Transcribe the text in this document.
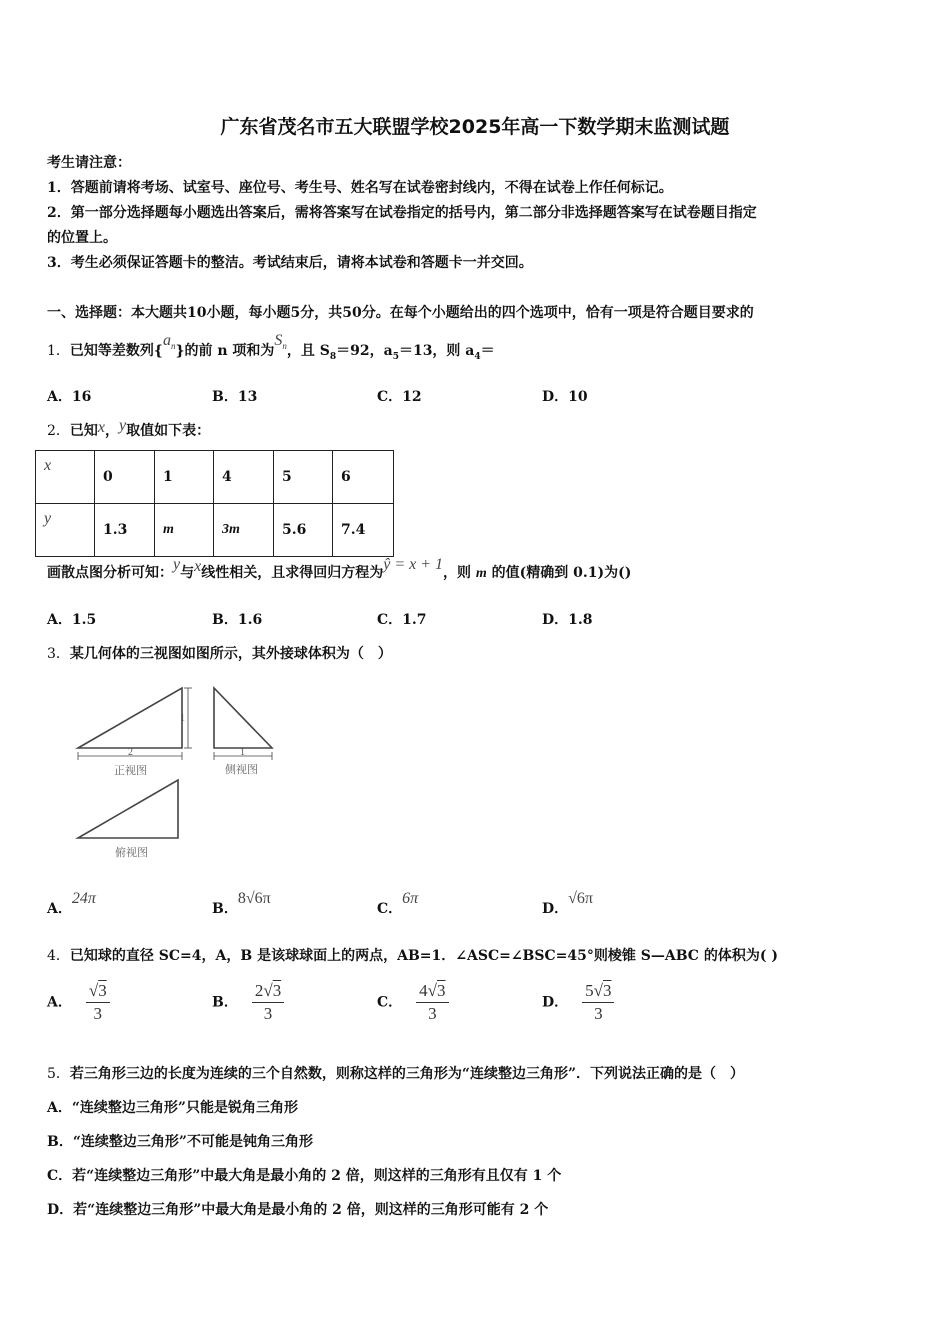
广东省茂名市五大联盟学校2025年高一下数学期末监测试题
考生请注意：
1．答题前请将考场、试室号、座位号、考生号、姓名写在试卷密封线内，不得在试卷上作任何标记。
2．第一部分选择题每小题选出答案后，需将答案写在试卷指定的括号内，第二部分非选择题答案写在试卷题目指定
的位置上。
3．考生必须保证答题卡的整洁。考试结束后，请将本试卷和答题卡一并交回。
一、选择题：本大题共10小题，每小题5分，共50分。在每个小题给出的四个选项中，恰有一项是符合题目要求的
1．已知等差数列$\{a_n\}$的前 n 项和为$S_n$，且 $S_8=92$，$a_5=13$，则 $a_4=$
A．16	B．13	C．12	D．10
2．已知x，y取值如下表：
x	0	1	4	5	6
y	1.3	m	3m	5.6	7.4
画散点图分析可知：y与x线性相关，且求得回归方程为ŷ = x + 1，则 m 的值(精确到 0.1)为()
A．1.5	B．1.6	C．1.7	D．1.8
3．某几何体的三视图如图所示，其外接球体积为（　）
2
1
1
正视图	侧视图
俯视图
A．24π
B．8√6π
C．6π
D．√6π
4．已知球的直径 SC=4，A，B 是该球球面上的两点，AB=1．∠ASC=∠BSC=45°则棱锥 S—ABC 的体积为( )
A． $\frac{√3}{3}$	B． $\frac{2√3}{3}$	C． $\frac{4√3}{3}$	D． $\frac{5√3}{3}$
5．若三角形三边的长度为连续的三个自然数，则称这样的三角形为“连续整边三角形”．下列说法正确的是（　）
A．“连续整边三角形”只能是锐角三角形
B．“连续整边三角形”不可能是钝角三角形
C．若“连续整边三角形”中最大角是最小角的 2 倍，则这样的三角形有且仅有 1 个
D．若“连续整边三角形”中最大角是最小角的 2 倍，则这样的三角形可能有 2 个
